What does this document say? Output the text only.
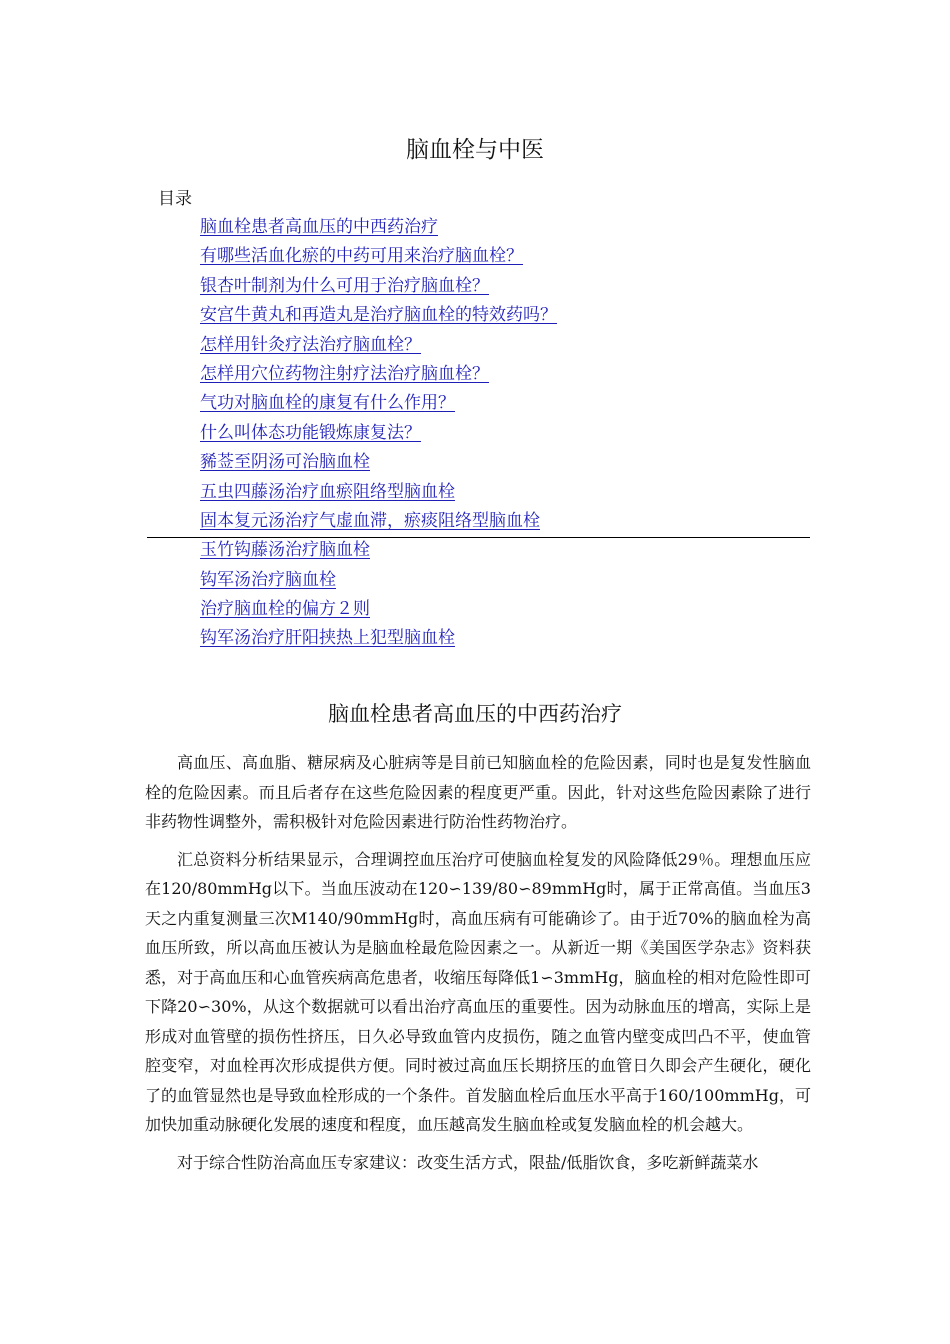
脑血栓与中医
目录
脑血栓患者高血压的中西药治疗
有哪些活血化瘀的中药可用来治疗脑血栓？
银杏叶制剂为什么可用于治疗脑血栓？
安宫牛黄丸和再造丸是治疗脑血栓的特效药吗？
怎样用针灸疗法治疗脑血栓？
怎样用穴位药物注射疗法治疗脑血栓？
气功对脑血栓的康复有什么作用？
什么叫体态功能锻炼康复法？
豨莶至阴汤可治脑血栓
五虫四藤汤治疗血瘀阻络型脑血栓
固本复元汤治疗气虚血滞，瘀痰阻络型脑血栓
玉竹钩藤汤治疗脑血栓
钩军汤治疗脑血栓
治疗脑血栓的偏方２则
钩军汤治疗肝阳挟热上犯型脑血栓
脑血栓患者高血压的中西药治疗

高血压、高血脂、糖尿病及心脏病等是目前已知脑血栓的危险因素，同时也是复发性脑血栓的危险因素。而且后者存在这些危险因素的程度更严重。因此，针对这些危险因素除了进行非药物性调整外，需积极针对危险因素进行防治性药物治疗。

汇总资料分析结果显示，合理调控血压治疗可使脑血栓复发的风险降低29％。理想血压应在120/80mmHg以下。当血压波动在120∽139/80∽89mmHg时，属于正常高值。当血压3天之内重复测量三次M140/90mmHg时，高血压病有可能确诊了。由于近70%的脑血栓为高血压所致，所以高血压被认为是脑血栓最危险因素之一。从新近一期《美国医学杂志》资料获悉，对于高血压和心血管疾病高危患者，收缩压每降低1∽3mmHg，脑血栓的相对危险性即可下降20∽30%，从这个数据就可以看出治疗高血压的重要性。因为动脉血压的增高，实际上是形成对血管壁的损伤性挤压，日久必导致血管内皮损伤，随之血管内壁变成凹凸不平，使血管腔变窄，对血栓再次形成提供方便。同时被过高血压长期挤压的血管日久即会产生硬化，硬化了的血管显然也是导致血栓形成的一个条件。首发脑血栓后血压水平高于160/100mmHg，可加快加重动脉硬化发展的速度和程度，血压越高发生脑血栓或复发脑血栓的机会越大。

对于综合性防治高血压专家建议：改变生活方式，限盐/低脂饮食，多吃新鲜蔬菜水
